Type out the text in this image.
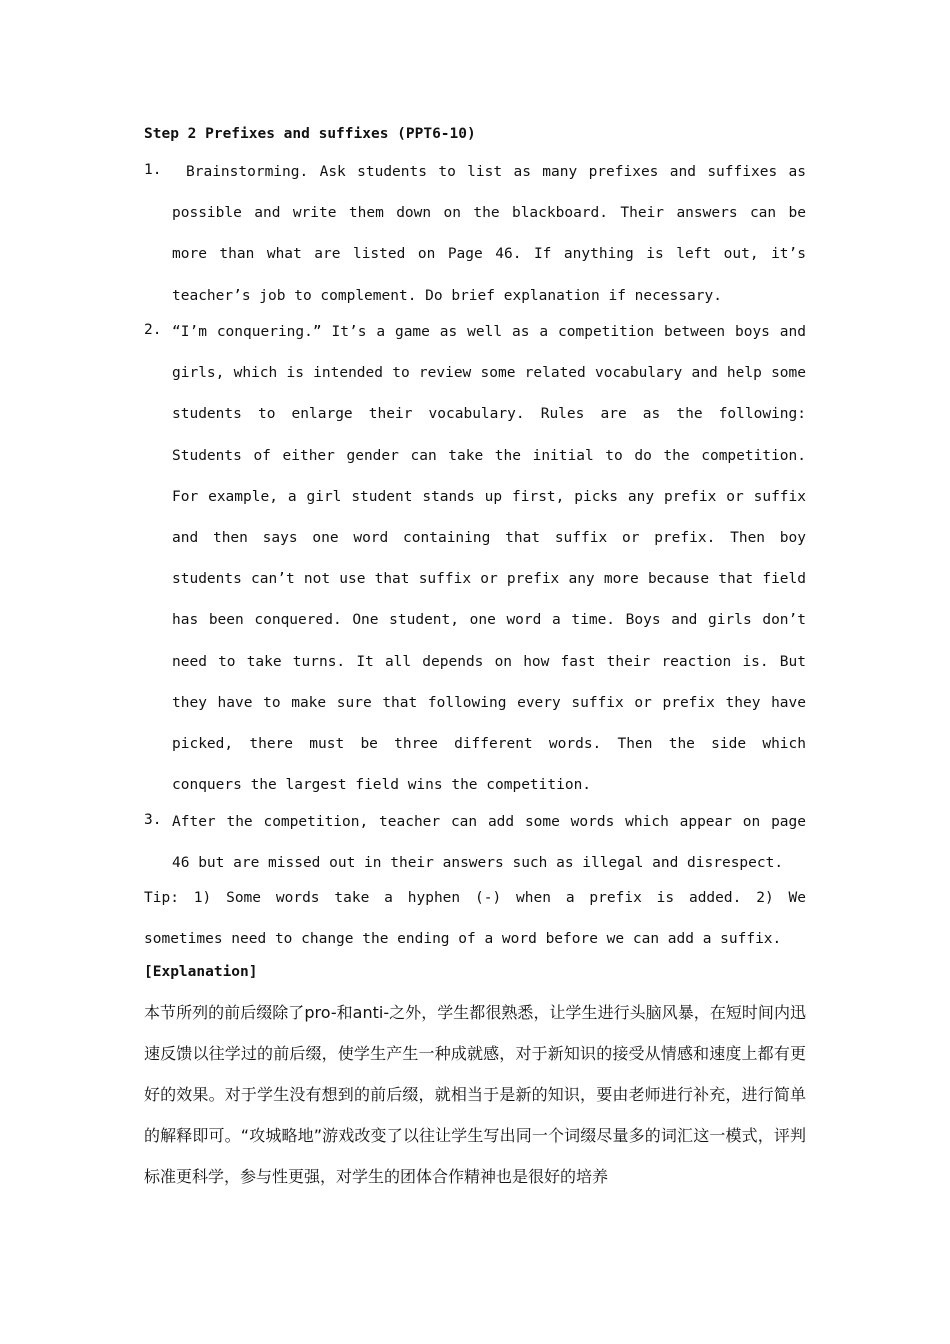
Step 2 Prefixes and suffixes (PPT6-10)
1.	Brainstorming. Ask students to list as many prefixes and suffixes as possible and write them down on the blackboard. Their answers can be more than what are listed on Page 46. If anything is left out, it’s teacher’s job to complement. Do brief explanation if necessary.
2. “I’m conquering.” It’s a game as well as a competition between boys and girls, which is intended to review some related vocabulary and help some students to enlarge their vocabulary. Rules are as the following: Students of either gender can take the initial to do the competition. For example, a girl student stands up first, picks any prefix or suffix and then says one word containing that suffix or prefix. Then boy students can’t not use that suffix or prefix any more because that field has been conquered. One student, one word a time. Boys and girls don’t need to take turns. It all depends on how fast their reaction is. But they have to make sure that following every suffix or prefix they have picked, there must be three different words. Then the side which conquers the largest field wins the competition.
3. After the competition, teacher can add some words which appear on page 46 but are missed out in their answers such as illegal and disrespect.
Tip: 1) Some words take a hyphen (-) when a prefix is added. 2) We sometimes need to change the ending of a word before we can add a suffix.
[Explanation]
本节所列的前后缀除了pro-和anti-之外，学生都很熟悉，让学生进行头脑风暴，在短时间内迅速反馈以往学过的前后缀，使学生产生一种成就感，对于新知识的接受从情感和速度上都有更好的效果。对于学生没有想到的前后缀，就相当于是新的知识，要由老师进行补充，进行简单的解释即可。“攻城略地”游戏改变了以往让学生写出同一个词缀尽量多的词汇这一模式，评判标准更科学，参与性更强，对学生的团体合作精神也是很好的培养
